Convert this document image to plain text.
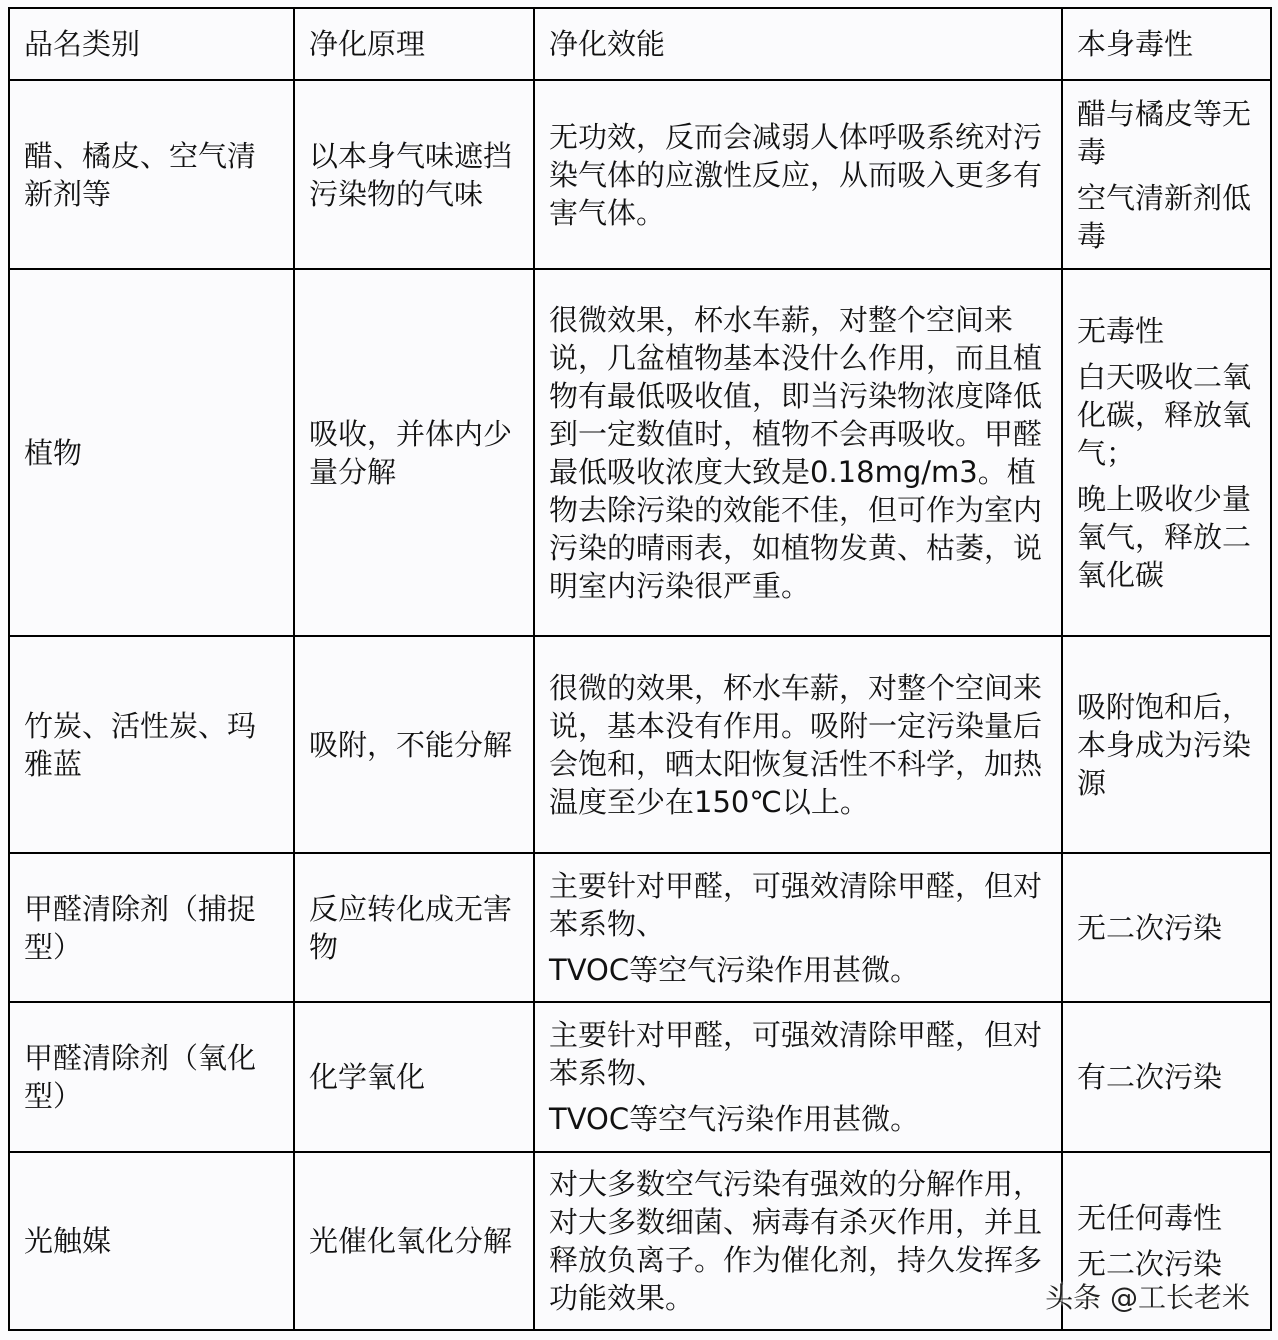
品名类别	净化原理	净化效能	本身毒性
醋、橘皮、空气清新剂等	以本身气味遮挡污染物的气味	无功效，反而会减弱人体呼吸系统对污染气体的应激性反应，从而吸入更多有害气体。	醋与橘皮等无毒
空气清新剂低毒

植物	吸收，并体内少量分解	很微效果，杯水车薪，对整个空间来说，几盆植物基本没什么作用，而且植物有最低吸收值，即当污染物浓度降低到一定数值时，植物不会再吸收。甲醛最低吸收浓度大致是0.18mg/m3。植物去除污染的效能不佳，但可作为室内污染的晴雨表，如植物发黄、枯萎，说明室内污染很严重。	无毒性
白天吸收二氧化碳，释放氧气；
晚上吸收少量氧气，释放二氧化碳

竹炭、活性炭、玛雅蓝	吸附，不能分解	很微的效果，杯水车薪，对整个空间来说，基本没有作用。吸附一定污染量后会饱和，晒太阳恢复活性不科学，加热温度至少在150℃以上。	吸附饱和后，本身成为污染源
甲醛清除剂（捕捉型）	反应转化成无害物	主要针对甲醛，可强效清除甲醛，但对苯系物、
TVOC等空气污染作用甚微。	无二次污染
甲醛清除剂（氧化型）	化学氧化	主要针对甲醛，可强效清除甲醛，但对苯系物、
TVOC等空气污染作用甚微。	有二次污染
光触媒	光催化氧化分解	对大多数空气污染有强效的分解作用，对大多数细菌、病毒有杀灭作用，并且释放负离子。作为催化剂，持久发挥多功能效果。	无任何毒性
无二次污染
头条 @工长老米
